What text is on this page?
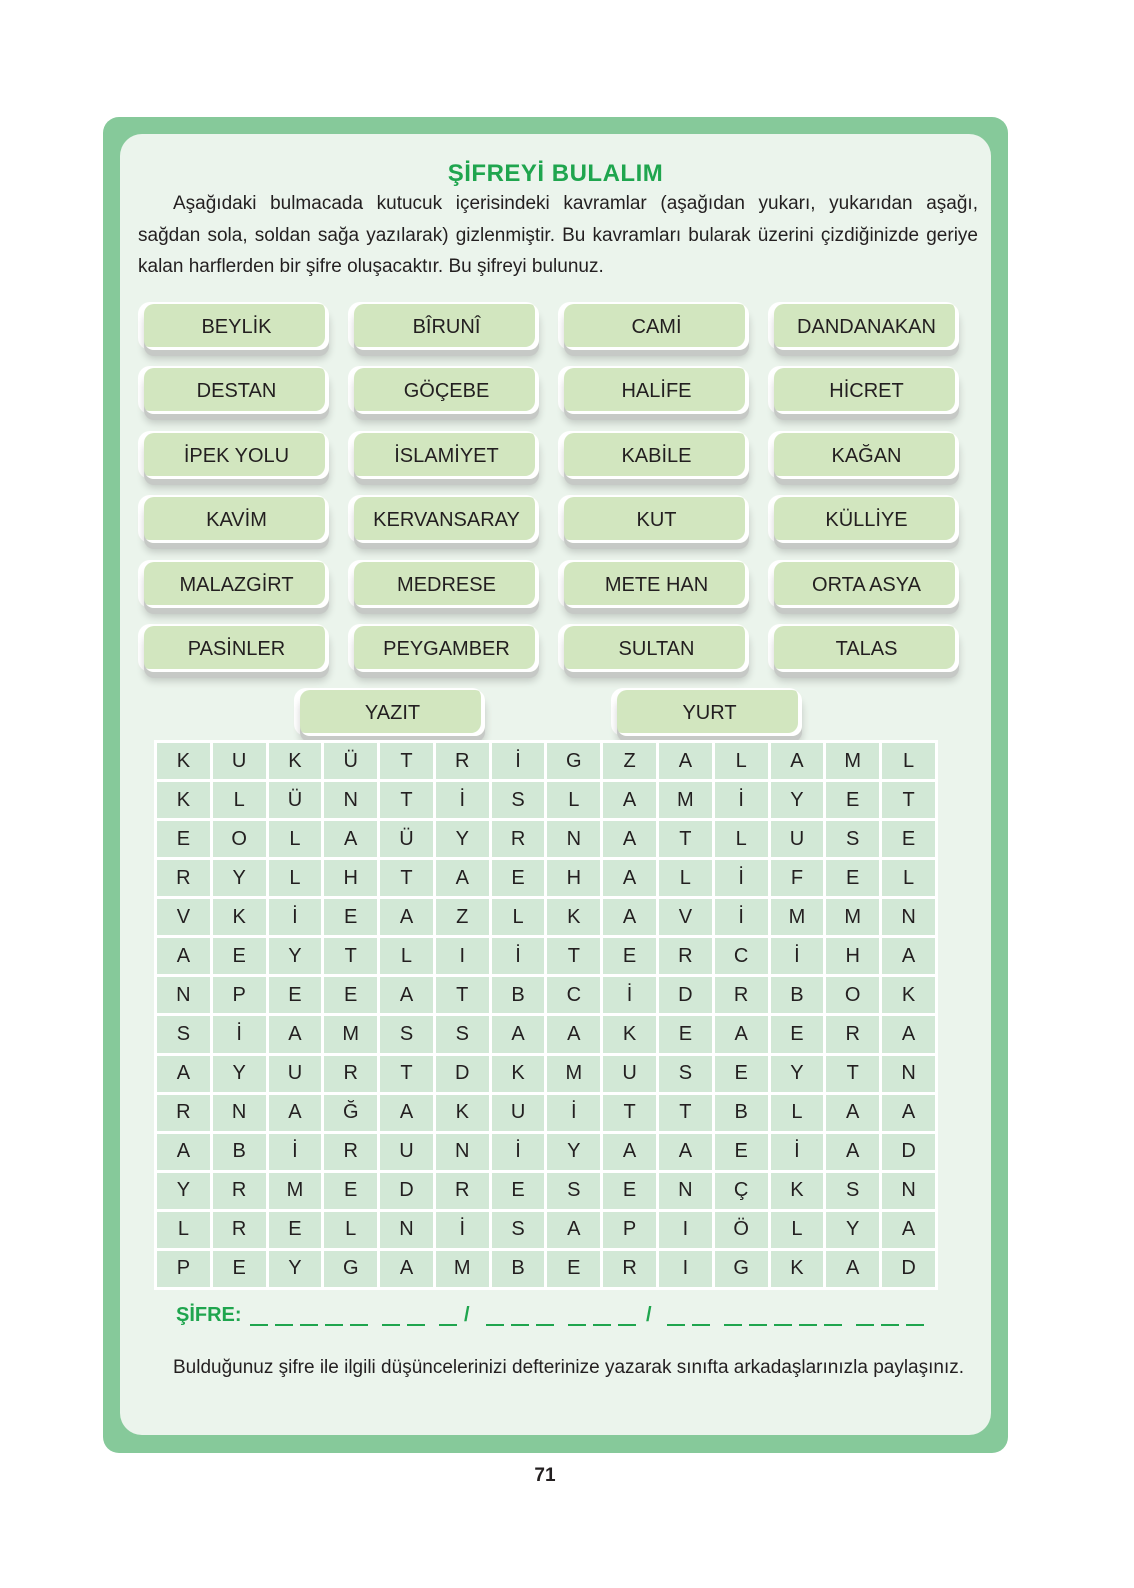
ŞİFREYİ BULALIM

Aşağıdaki bulmacada kutucuk içerisindeki kavramlar (aşağıdan yukarı, yukarıdan aşağı, sağdan sola, soldan sağa yazılarak) gizlenmiştir. Bu kavramları bularak üzerini çizdiğinizde geriye kalan harflerden bir şifre oluşacaktır. Bu şifreyi bulunuz.

BEYLİK	BÎRUNÎ	CAMİ	DANDANAKAN
DESTAN	GÖÇEBE	HALİFE	HİCRET
İPEK YOLU	İSLAMİYET	KABİLE	KAĞAN
KAVİM	KERVANSARAY	KUT	KÜLLİYE
MALAZGİRT	MEDRESE	METE HAN	ORTA ASYA
PASİNLER	PEYGAMBER	SULTAN	TALAS
YAZIT	YURT
K	U	K	Ü	T	R	İ	G	Z	A	L	A	M	L
K	L	Ü	N	T	İ	S	L	A	M	İ	Y	E	T
E	O	L	A	Ü	Y	R	N	A	T	L	U	S	E
R	Y	L	H	T	A	E	H	A	L	İ	F	E	L
V	K	İ	E	A	Z	L	K	A	V	İ	M	M	N
A	E	Y	T	L	I	İ	T	E	R	C	İ	H	A
N	P	E	E	A	T	B	C	İ	D	R	B	O	K
S	İ	A	M	S	S	A	A	K	E	A	E	R	A
A	Y	U	R	T	D	K	M	U	S	E	Y	T	N
R	N	A	Ğ	A	K	U	İ	T	T	B	L	A	A
A	B	İ	R	U	N	İ	Y	A	A	E	İ	A	D
Y	R	M	E	D	R	E	S	E	N	Ç	K	S	N
L	R	E	L	N	İ	S	A	P	I	Ö	L	Y	A
P	E	Y	G	A	M	B	E	R	I	G	K	A	D
ŞİFRE:	/	/

Bulduğunuz şifre ile ilgili düşüncelerinizi defterinize yazarak sınıfta arkadaşlarınızla paylaşınız.

71
